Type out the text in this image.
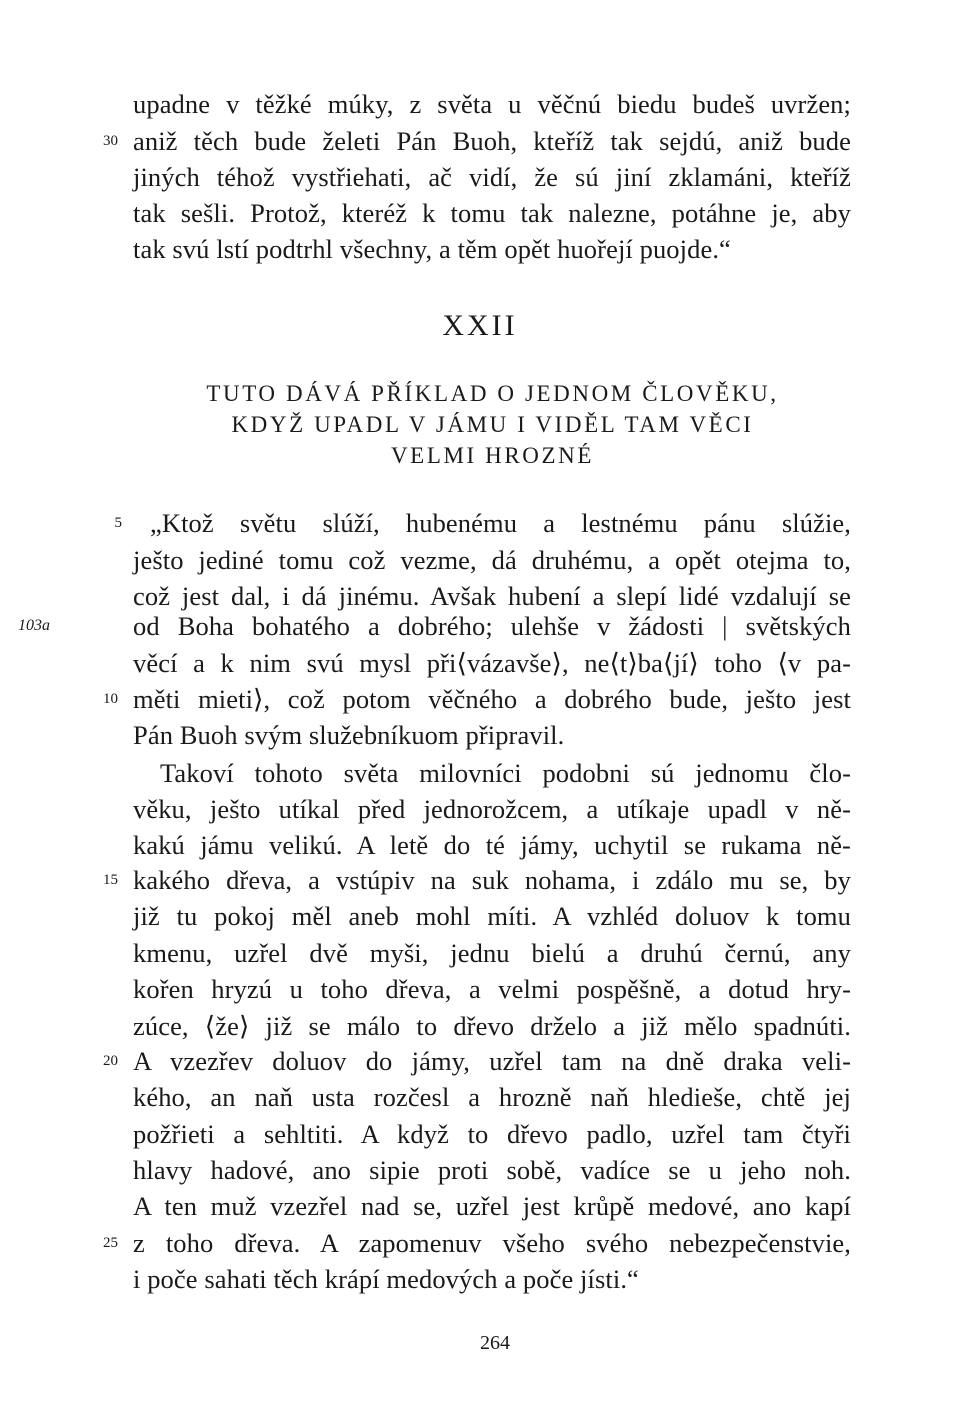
upadne v těžké múky, z světa u věčnú biedu budeš uvržen;
30 aniž těch bude želeti Pán Buoh, kteříž tak sejdú, aniž bude
jiných téhož vystřiehati, ač vidí, že sú jiní zklamáni, kteříž
tak sešli. Protož, kteréž k tomu tak nalezne, potáhne je, aby
tak svú lstí podtrhl všechny, a těm opět huořejí puojde.“
XXII
TUTO DÁVÁ PŘÍKLAD O JEDNOM ČLOVĚKU,
KDYŽ UPADL V JÁMU I VIDĚL TAM VĚCI
VELMI HROZNÉ
5 „Ktož světu slúží, hubenému a lestnému pánu slúžie,
ješto jediné tomu což vezme, dá druhému, a opět otejma to,
což jest dal, i dá jinému. Avšak hubení a slepí lidé vzdalují se
103a	od Boha bohatého a dobrého; ulehše v žádosti | světských
věcí a k nim svú mysl při⟨vázavše⟩, ne⟨t⟩ba⟨jí⟩ toho ⟨v pa-
10 měti mieti⟩, což potom věčného a dobrého bude, ješto jest
Pán Buoh svým služebníkuom připravil.
Takoví tohoto světa milovníci podobni sú jednomu člo-
věku, ješto utíkal před jednorožcem, a utíkaje upadl v ně-
kakú jámu velikú. A letě do té jámy, uchytil se rukama ně-
15 kakého dřeva, a vstúpiv na suk nohama, i zdálo mu se, by
již tu pokoj měl aneb mohl míti. A vzhléd doluov k tomu
kmenu, uzřel dvě myši, jednu bielú a druhú černú, any
kořen hryzú u toho dřeva, a velmi pospěšně, a dotud hry-
zúce, ⟨že⟩ již se málo to dřevo drželo a již mělo spadnúti.
20 A vzezřev doluov do jámy, uzřel tam na dně draka veli-
kého, an naň usta rozčesl a hrozně naň hledieše, chtě jej
požřieti a sehltiti. A když to dřevo padlo, uzřel tam čtyři
hlavy hadové, ano sipie proti sobě, vadíce se u jeho noh.
A ten muž vzezřel nad se, uzřel jest krůpě medové, ano kapí
25 z toho dřeva. A zapomenuv všeho svého nebezpečenstvie,
i poče sahati těch krápí medových a poče jísti.“
264
